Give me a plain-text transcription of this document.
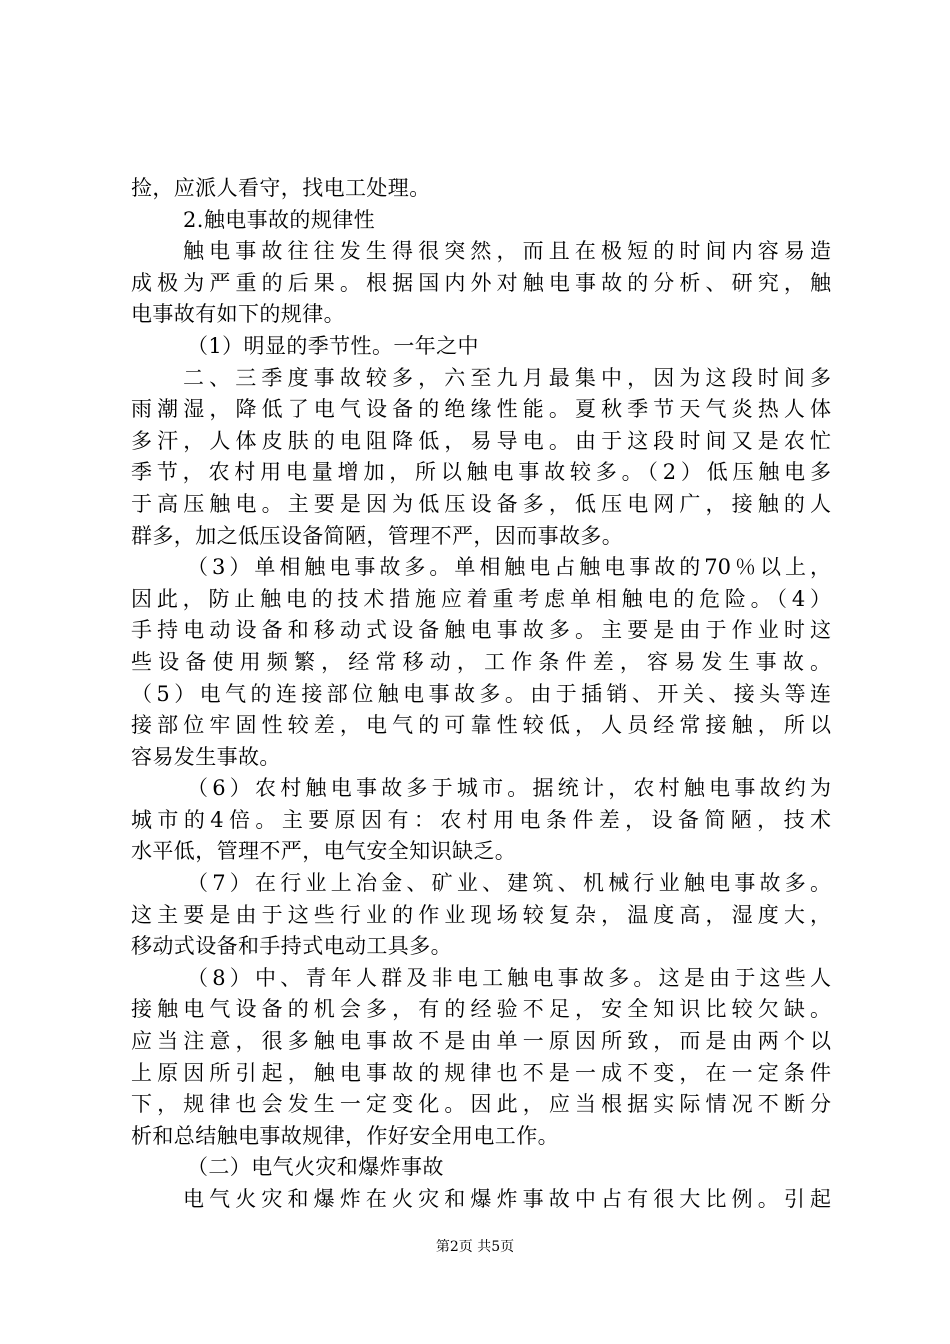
捡，应派人看守，找电工处理。
2.触电事故的规律性
触电事故往往发生得很突然，而且在极短的时间内容易造
成极为严重的后果。根据国内外对触电事故的分析、研究，触
电事故有如下的规律。
（1）明显的季节性。一年之中
二、三季度事故较多，六至九月最集中，因为这段时间多
雨潮湿，降低了电气设备的绝缘性能。夏秋季节天气炎热人体
多汗，人体皮肤的电阻降低，易导电。由于这段时间又是农忙
季节，农村用电量增加，所以触电事故较多。（2）低压触电多
于高压触电。主要是因为低压设备多，低压电网广，接触的人
群多，加之低压设备简陋，管理不严，因而事故多。
（3）单相触电事故多。单相触电占触电事故的70％以上，
因此，防止触电的技术措施应着重考虑单相触电的危险。（4）
手持电动设备和移动式设备触电事故多。主要是由于作业时这
些设备使用频繁，经常移动，工作条件差，容易发生事故。
（5）电气的连接部位触电事故多。由于插销、开关、接头等连
接部位牢固性较差，电气的可靠性较低，人员经常接触，所以
容易发生事故。
（6）农村触电事故多于城市。据统计，农村触电事故约为
城市的4倍。主要原因有：农村用电条件差，设备简陋，技术
水平低，管理不严，电气安全知识缺乏。
（7）在行业上冶金、矿业、建筑、机械行业触电事故多。
这主要是由于这些行业的作业现场较复杂，温度高，湿度大，
移动式设备和手持式电动工具多。
（8）中、青年人群及非电工触电事故多。这是由于这些人
接触电气设备的机会多，有的经验不足，安全知识比较欠缺。
应当注意，很多触电事故不是由单一原因所致，而是由两个以
上原因所引起，触电事故的规律也不是一成不变，在一定条件
下，规律也会发生一定变化。因此，应当根据实际情况不断分
析和总结触电事故规律，作好安全用电工作。
（二）电气火灾和爆炸事故
电气火灾和爆炸在火灾和爆炸事故中占有很大比例。引起
第2页 共5页
